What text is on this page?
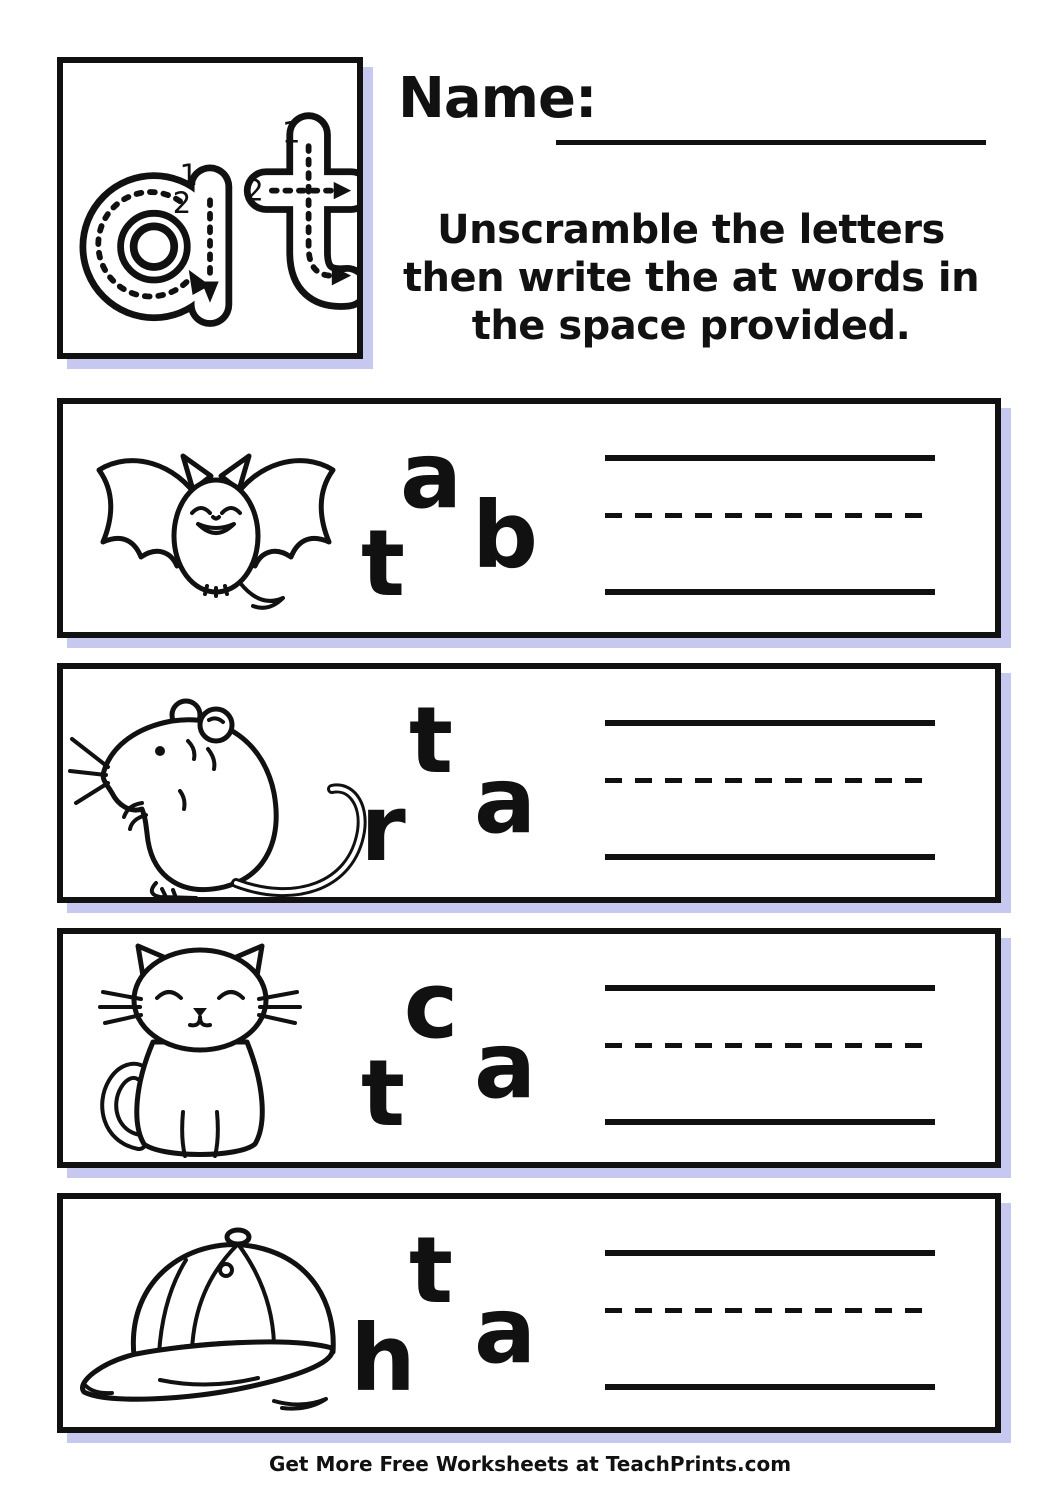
1
2
1
2
Name:
Unscramble the letters
then write the at words in
the space provided.
a
b
t
t
a
r
c
a
t
t
a
h
Get More Free Worksheets at TeachPrints.com
